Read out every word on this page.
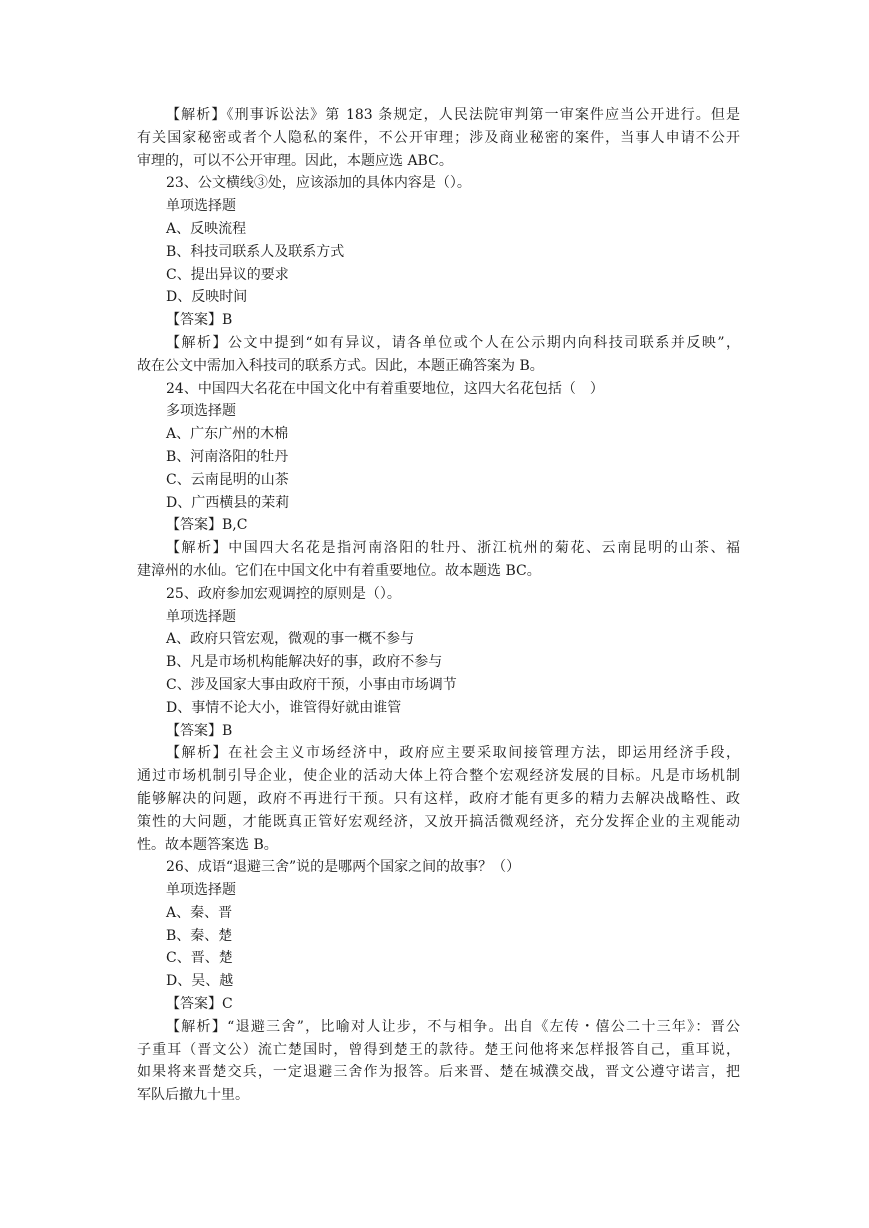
【解析】《刑事诉讼法》第 183 条规定，人民法院审判第一审案件应当公开进行。但是
有关国家秘密或者个人隐私的案件，不公开审理；涉及商业秘密的案件，当事人申请不公开
审理的，可以不公开审理。因此，本题应选 ABC。
23、公文横线③处，应该添加的具体内容是（）。
单项选择题
A、反映流程
B、科技司联系人及联系方式
C、提出异议的要求
D、反映时间
【答案】B
【解析】公文中提到“如有异议，请各单位或个人在公示期内向科技司联系并反映”，
故在公文中需加入科技司的联系方式。因此，本题正确答案为 B。
24、中国四大名花在中国文化中有着重要地位，这四大名花包括（　）
多项选择题
A、广东广州的木棉
B、河南洛阳的牡丹
C、云南昆明的山茶
D、广西横县的茉莉
【答案】B,C
【解析】中国四大名花是指河南洛阳的牡丹、浙江杭州的菊花、云南昆明的山茶、福
建漳州的水仙。它们在中国文化中有着重要地位。故本题选 BC。
25、政府参加宏观调控的原则是（）。
单项选择题
A、政府只管宏观，微观的事一概不参与
B、凡是市场机构能解决好的事，政府不参与
C、涉及国家大事由政府干预，小事由市场调节
D、事情不论大小，谁管得好就由谁管
【答案】B
【解析】在社会主义市场经济中，政府应主要采取间接管理方法，即运用经济手段，
通过市场机制引导企业，使企业的活动大体上符合整个宏观经济发展的目标。凡是市场机制
能够解决的问题，政府不再进行干预。只有这样，政府才能有更多的精力去解决战略性、政
策性的大问题，才能既真正管好宏观经济，又放开搞活微观经济，充分发挥企业的主观能动
性。故本题答案选 B。
26、成语“退避三舍”说的是哪两个国家之间的故事？（）
单项选择题
A、秦、晋
B、秦、楚
C、晋、楚
D、吴、越
【答案】C
【解析】“退避三舍”，比喻对人让步，不与相争。出自《左传・僖公二十三年》：晋公
子重耳（晋文公）流亡楚国时，曾得到楚王的款待。楚王问他将来怎样报答自己，重耳说，
如果将来晋楚交兵，一定退避三舍作为报答。后来晋、楚在城濮交战，晋文公遵守诺言，把
军队后撤九十里。
